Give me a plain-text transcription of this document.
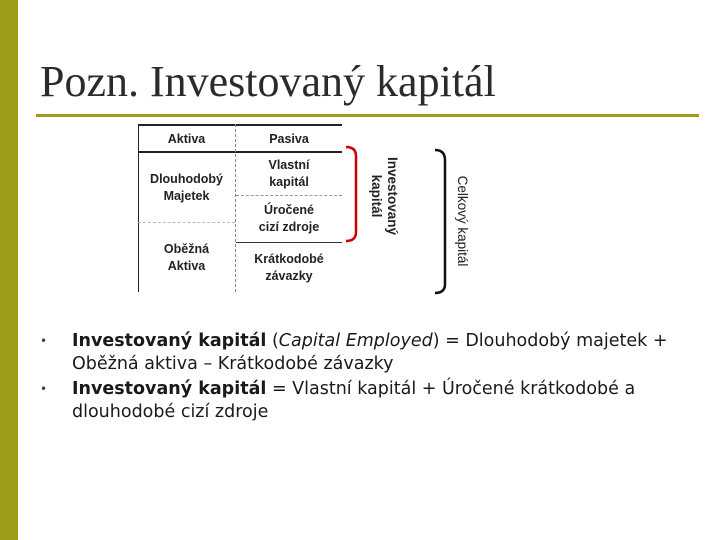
Pozn. Investovaný kapitál
Aktiva	Pasiva
Dlouhodobý
Majetek
Oběžná
Aktiva
Vlastní
kapitál
Úročené
cizí zdroje
Krátkodobé
závazky
Investovaný
kapitál	Celkový kapitál
• Investovaný kapitál (Capital Employed) = Dlouhodobý majetek + Oběžná aktiva – Krátkodobé závazky
• Investovaný kapitál = Vlastní kapitál + Úročené krátkodobé a dlouhodobé cizí zdroje
